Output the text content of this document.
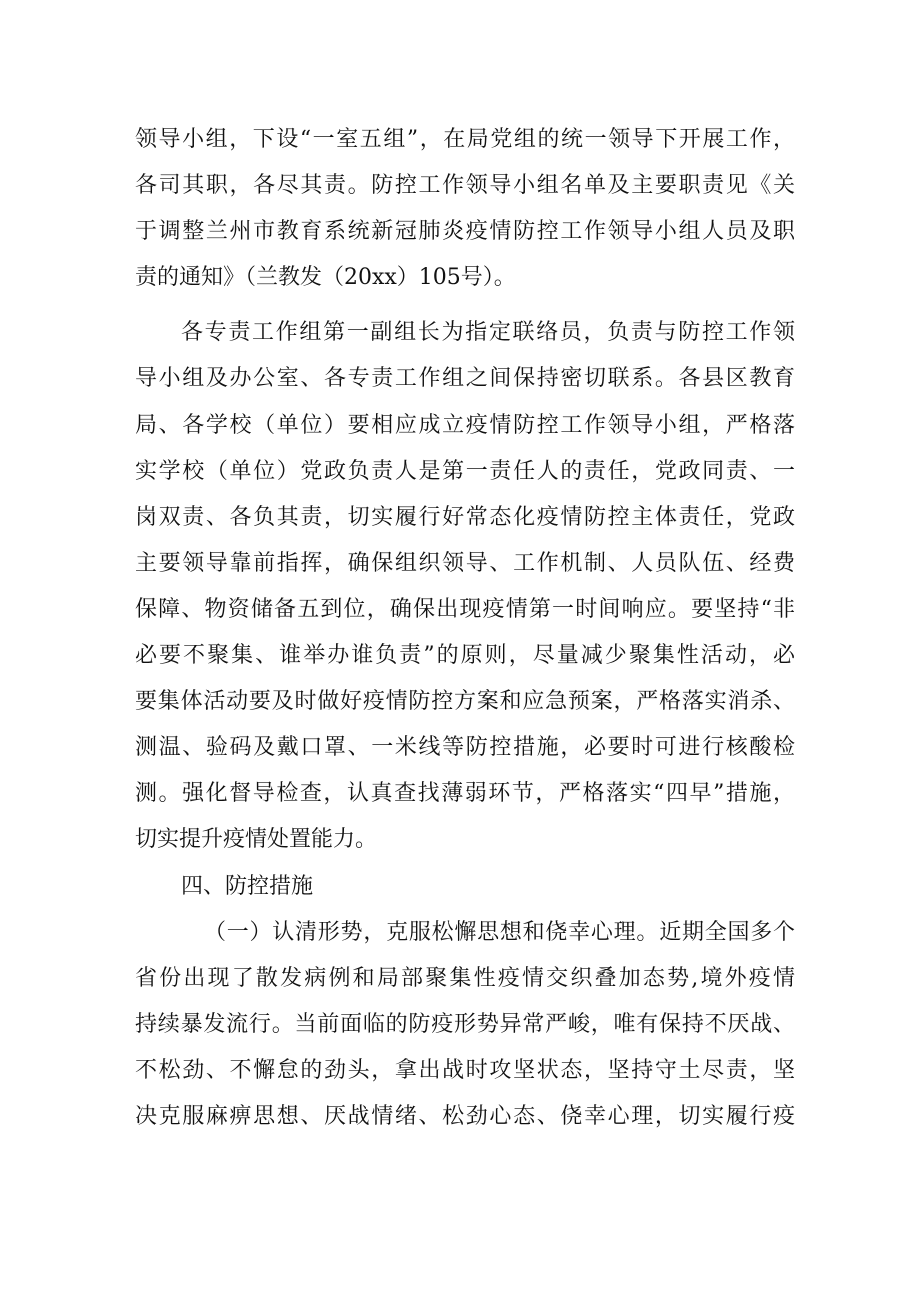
领导小组，下设“一室五组”，在局党组的统一领导下开展工作，
各司其职，各尽其责。防控工作领导小组名单及主要职责见《关
于调整兰州市教育系统新冠肺炎疫情防控工作领导小组人员及职
责的通知》（兰教发（20xx）105号）。
各专责工作组第一副组长为指定联络员，负责与防控工作领
导小组及办公室、各专责工作组之间保持密切联系。各县区教育
局、各学校（单位）要相应成立疫情防控工作领导小组，严格落
实学校（单位）党政负责人是第一责任人的责任，党政同责、一
岗双责、各负其责，切实履行好常态化疫情防控主体责任，党政
主要领导靠前指挥，确保组织领导、工作机制、人员队伍、经费
保障、物资储备五到位，确保出现疫情第一时间响应。要坚持“非
必要不聚集、谁举办谁负责”的原则，尽量减少聚集性活动，必
要集体活动要及时做好疫情防控方案和应急预案，严格落实消杀、
测温、验码及戴口罩、一米线等防控措施，必要时可进行核酸检
测。强化督导检查，认真查找薄弱环节，严格落实“四早”措施，
切实提升疫情处置能力。
四、防控措施
（一）认清形势，克服松懈思想和侥幸心理。近期全国多个
省份出现了散发病例和局部聚集性疫情交织叠加态势,境外疫情
持续暴发流行。当前面临的防疫形势异常严峻，唯有保持不厌战、
不松劲、不懈怠的劲头，拿出战时攻坚状态，坚持守土尽责，坚
决克服麻痹思想、厌战情绪、松劲心态、侥幸心理，切实履行疫
